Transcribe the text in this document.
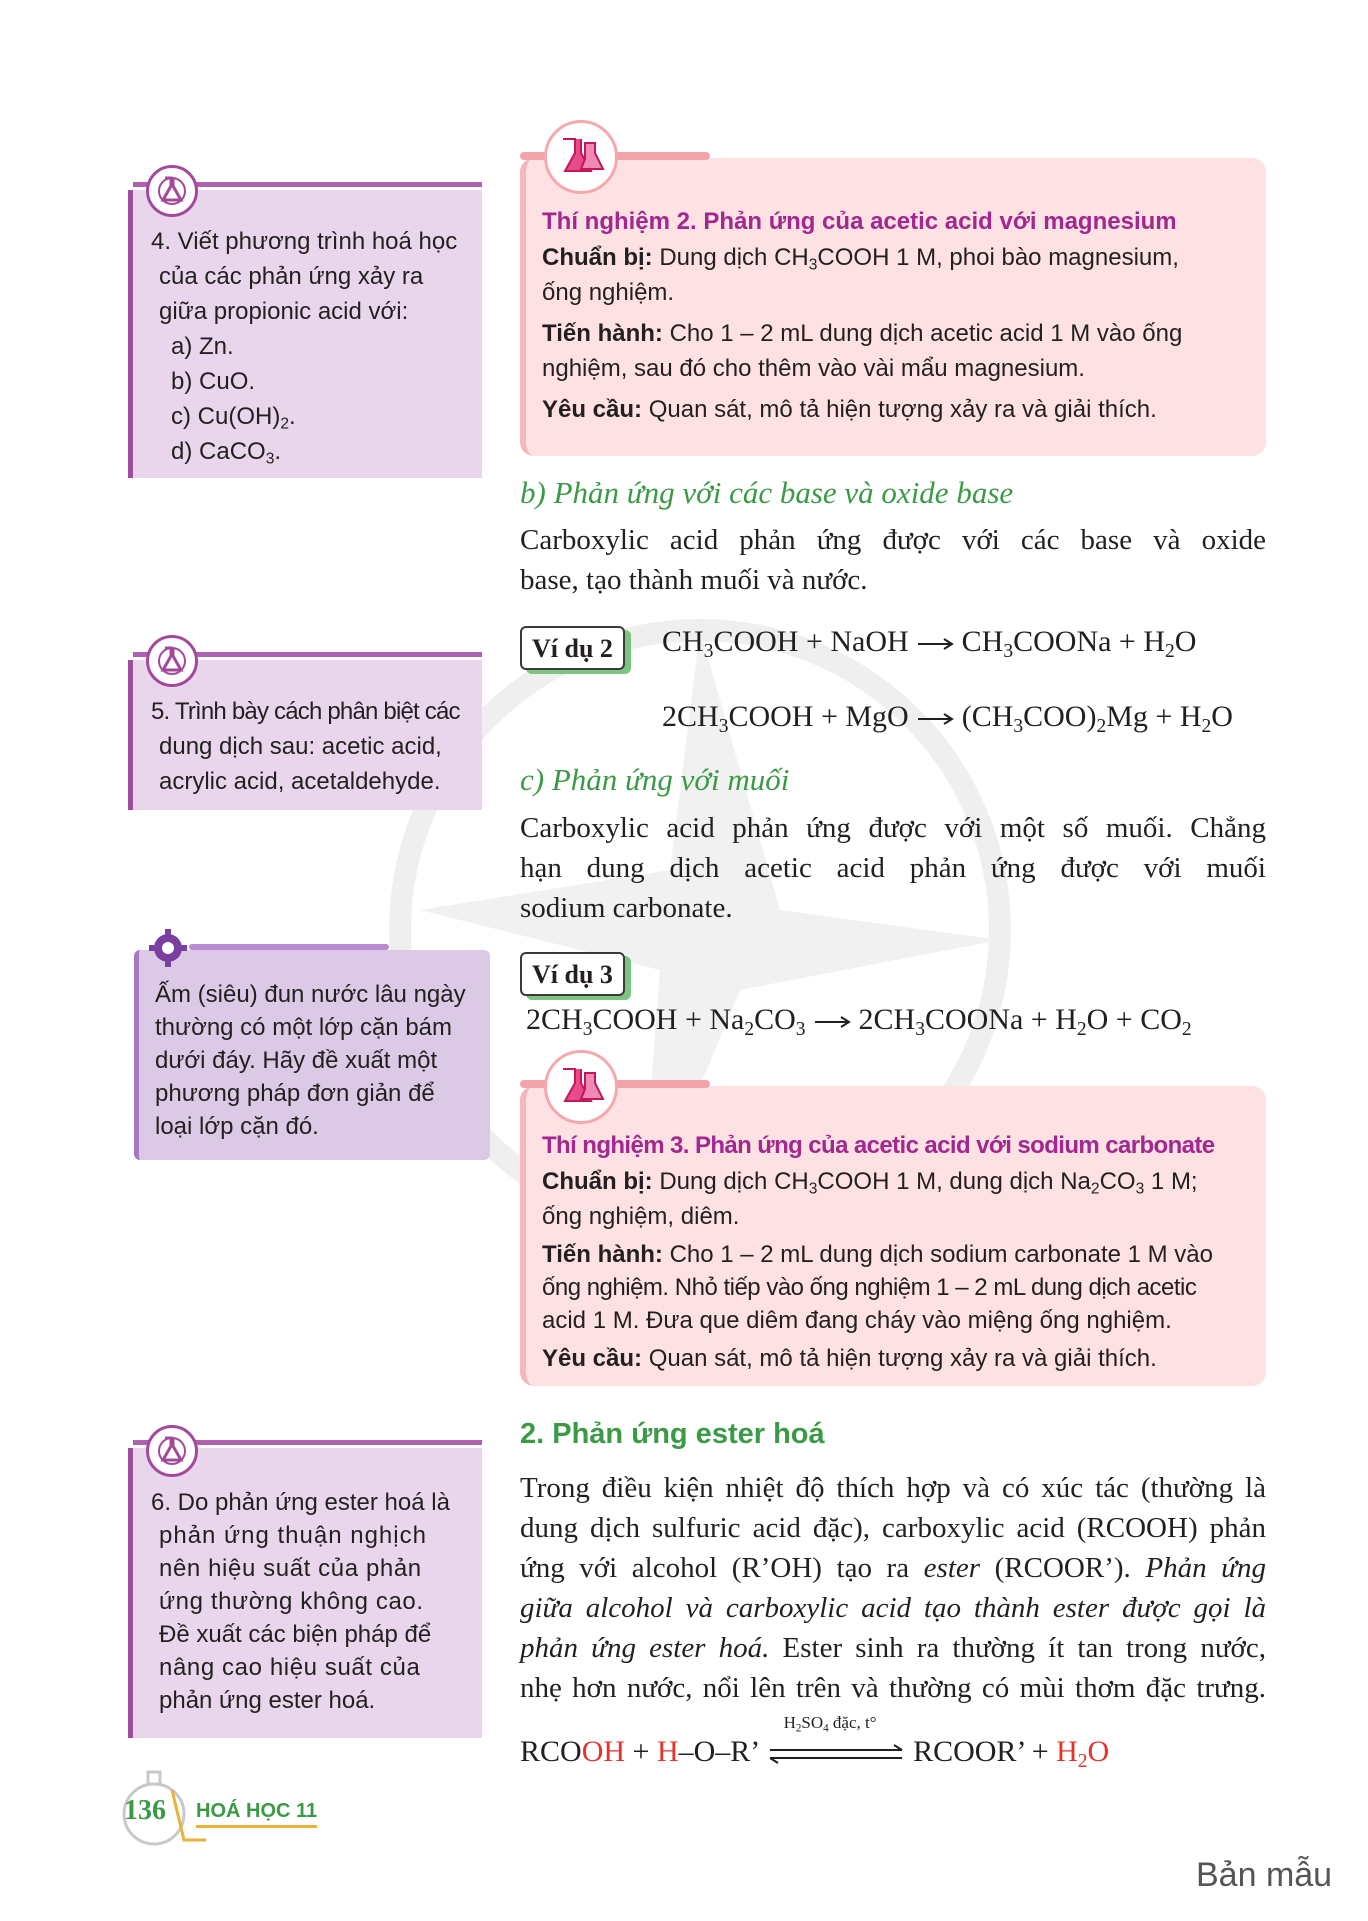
4. Viết phương trình hoá học
của các phản ứng xảy ra
giữa propionic acid với:
a) Zn.
b) CuO.
c) $Cu(OH)_2$.
d) CaCO$_3$.
5. Trình bày cách phân biệt các
dung dịch sau: acetic acid,
acrylic acid, acetaldehyde.
Ấm (siêu) đun nước lâu ngày
thường có một lớp cặn bám
dưới đáy. Hãy đề xuất một
phương pháp đơn giản để
loại lớp cặn đó.
6. Do phản ứng ester hoá là
phản ứng thuận nghịch
nên hiệu suất của phản
ứng thường không cao.
Đề xuất các biện pháp để
nâng cao hiệu suất của
phản ứng ester hoá.
Thí nghiệm 2. Phản ứng của acetic acid với magnesium
Chuẩn bị: Dung dịch $CH_3COOH$ 1 M, phoi bào magnesium,
ống nghiệm.
Tiến hành: Cho 1 – 2 mL dung dịch acetic acid 1 M vào ống
nghiệm, sau đó cho thêm vào vài mẩu magnesium.
Yêu cầu: Quan sát, mô tả hiện tượng xảy ra và giải thích.
b) Phản ứng với các base và oxide base
Carboxylic acid phản ứng được với các base và oxide
base, tạo thành muối và nước.
Ví dụ 2	$CH_3COOH$ + NaOH  $CH_3COONa + H_2O$
$2CH_3COOH$ + MgO  $(CH_3COO)_2Mg + H_2O$
c) Phản ứng với muối
Carboxylic acid phản ứng được với một số muối. Chẳng
hạn dung dịch acetic acid phản ứng được với muối
sodium carbonate.
Ví dụ 3
$2CH_3COOH + Na_2CO_3$  $2CH_3COONa + H_2O + CO_2$
Thí nghiệm 3. Phản ứng của acetic acid với sodium carbonate
Chuẩn bị: Dung dịch $CH_3COOH$ 1 M, dung dịch $Na_2CO_3$ 1 M;
ống nghiệm, diêm.
Tiến hành: Cho 1 – 2 mL dung dịch sodium carbonate 1 M vào
ống nghiệm. Nhỏ tiếp vào ống nghiệm 1 – 2 mL dung dịch acetic
acid 1 M. Đưa que diêm đang cháy vào miệng ống nghiệm.
Yêu cầu: Quan sát, mô tả hiện tượng xảy ra và giải thích.
2. Phản ứng ester hoá
Trong điều kiện nhiệt độ thích hợp và có xúc tác (thường là
dung dịch sulfuric acid đặc), carboxylic acid (RCOOH) phản
ứng với alcohol (R’OH) tạo ra ester (RCOOR’). Phản ứng
giữa alcohol và carboxylic acid tạo thành ester được gọi là
phản ứng ester hoá. Ester sinh ra thường ít tan trong nước,
nhẹ hơn nước, nổi lên trên và thường có mùi thơm đặc trưng.
RCOOH + H–O–R’
$H_2SO_4$ đặc, t°
RCOOR’ + $H_2O$
136 HOÁ HỌC 11
Bản mẫu
